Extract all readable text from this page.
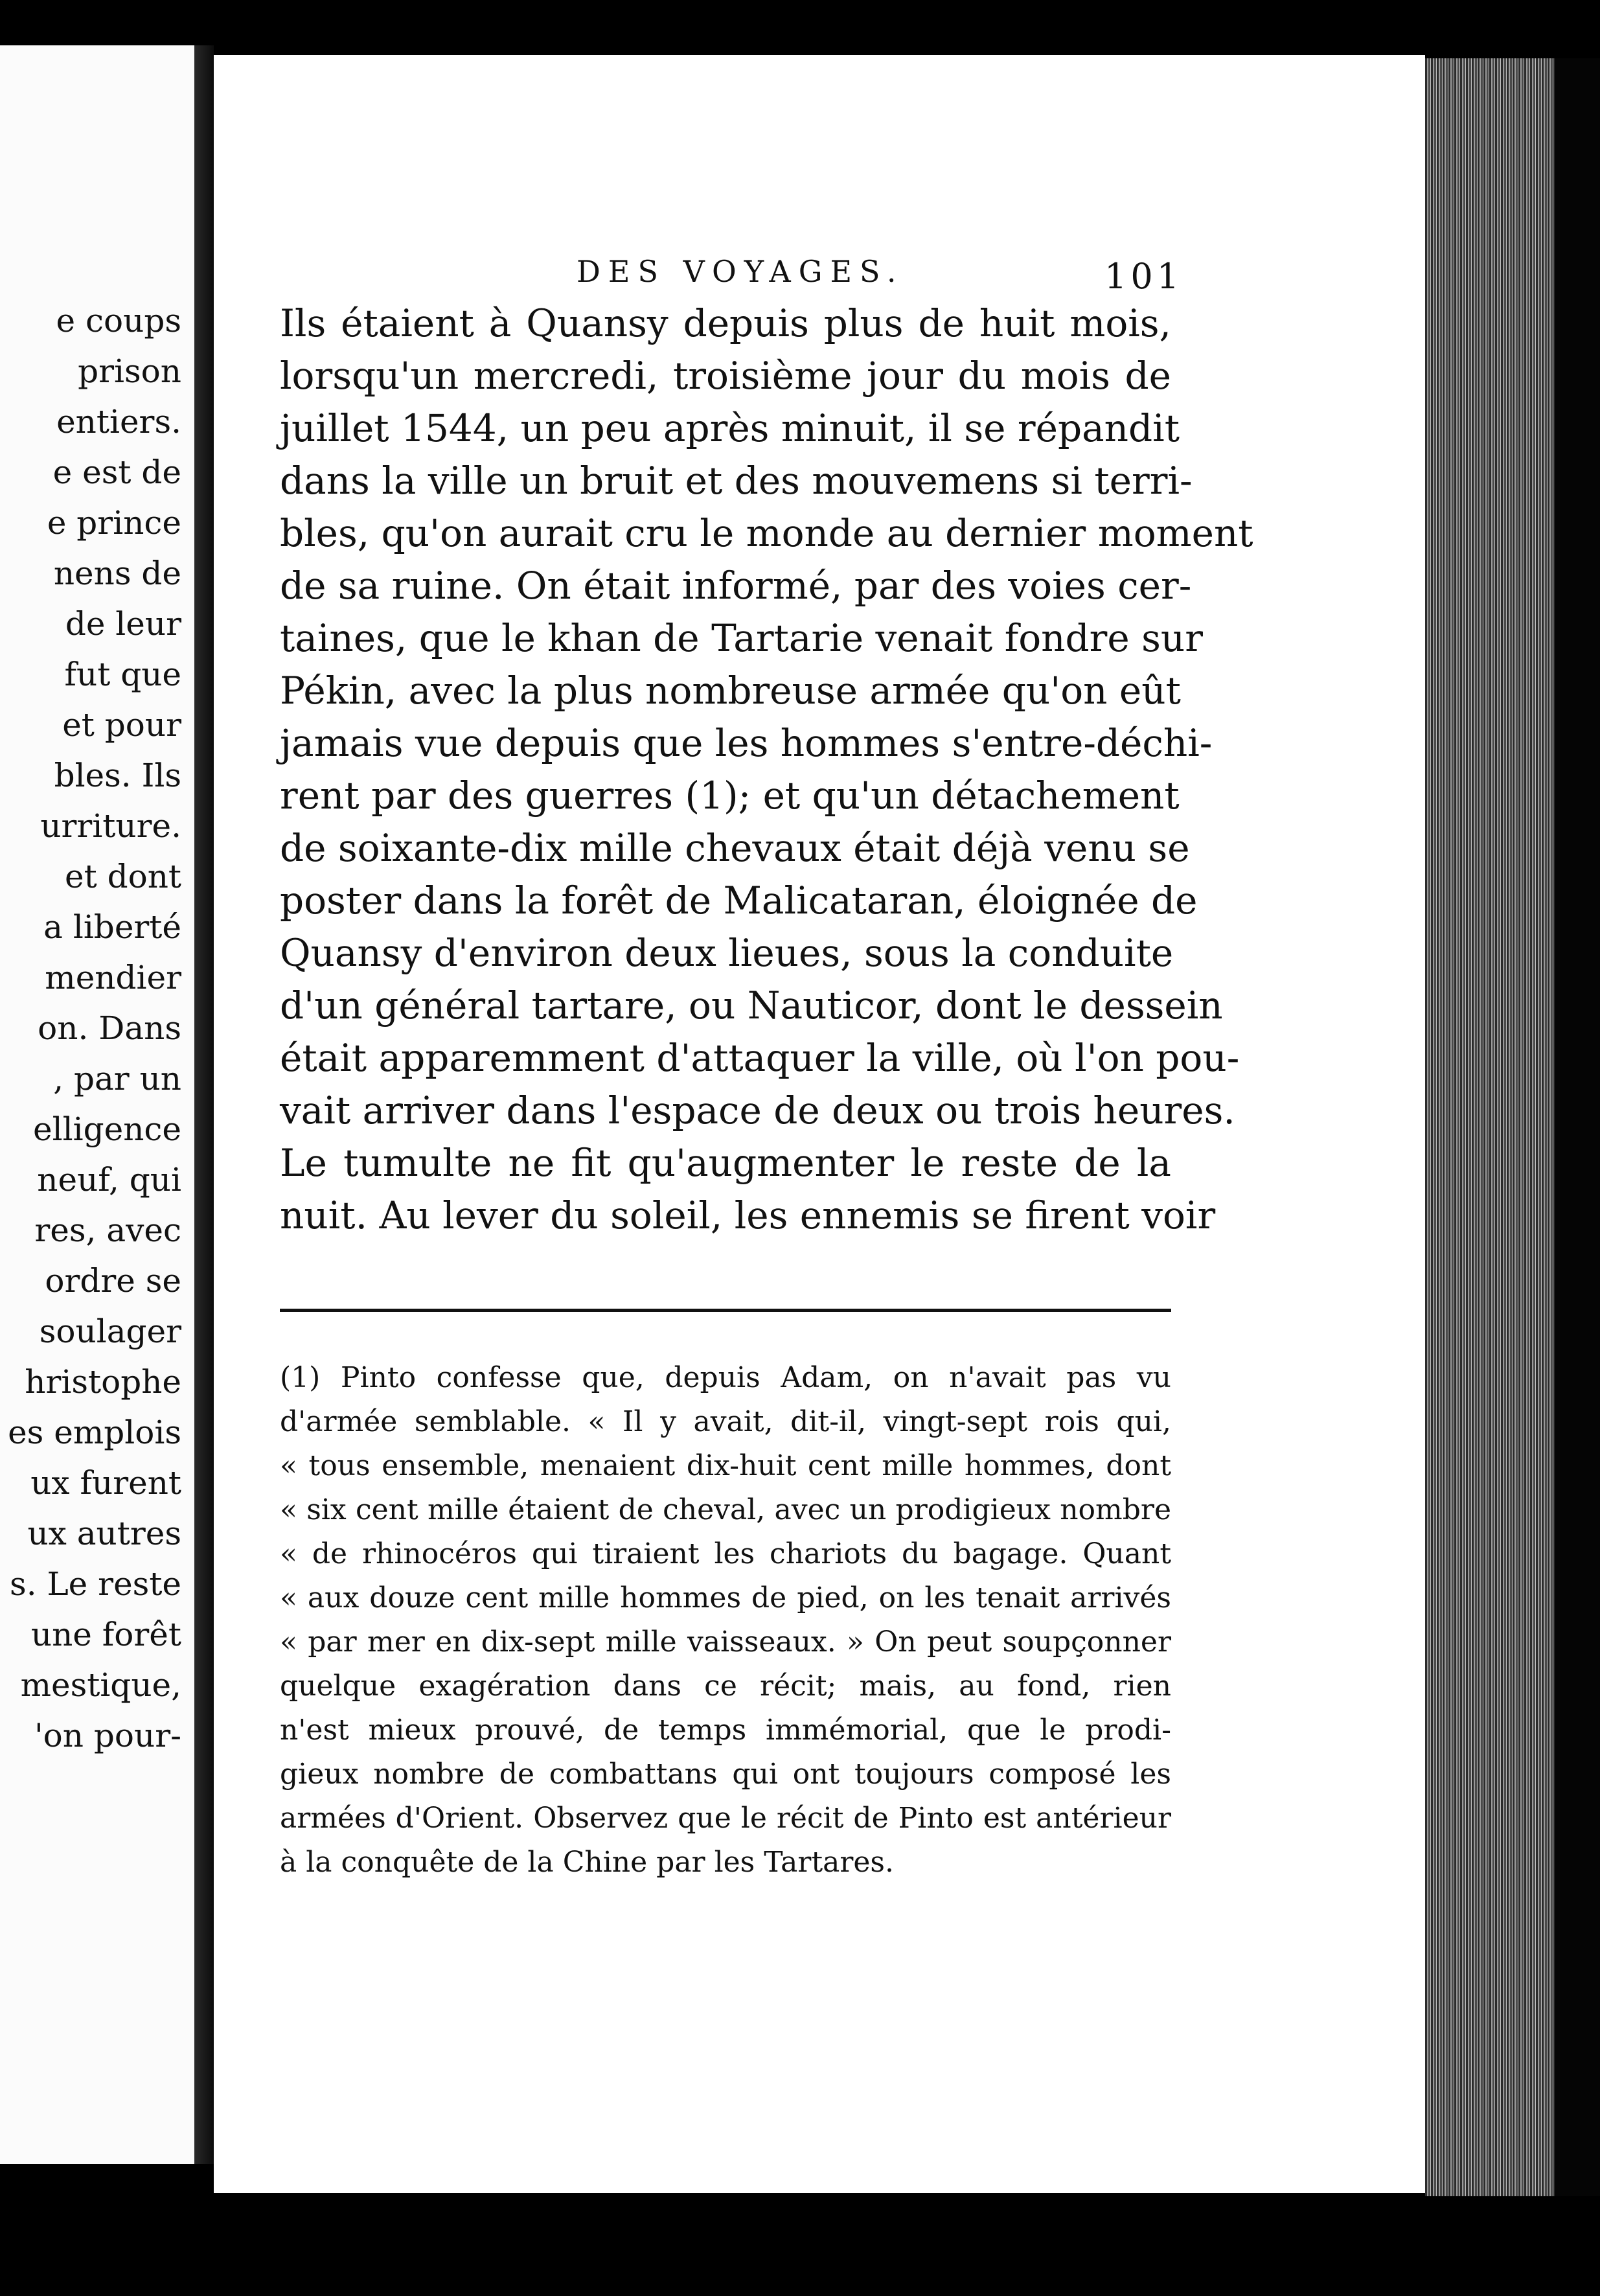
e coups
prison
entiers.
e est de
e prince
nens de
de leur
fut que
et pour
bles. Ils
urriture.
et dont
a liberté
mendier
on. Dans
, par un
elligence
neuf, qui
res, avec
ordre se
soulager
hristophe
es emplois
ux furent
ux autres
s. Le reste
une forêt
mestique,
'on pour-
DES VOYAGES.	101
Ils étaient à Quansy depuis plus de huit mois,
lorsqu'un mercredi, troisième jour du mois de
juillet 1544, un peu après minuit, il se répandit
dans la ville un bruit et des mouvemens si terri-
bles, qu'on aurait cru le monde au dernier moment
de sa ruine. On était informé, par des voies cer-
taines, que le khan de Tartarie venait fondre sur
Pékin, avec la plus nombreuse armée qu'on eût
jamais vue depuis que les hommes s'entre-déchi-
rent par des guerres (1); et qu'un détachement
de soixante-dix mille chevaux était déjà venu se
poster dans la forêt de Malicataran, éloignée de
Quansy d'environ deux lieues, sous la conduite
d'un général tartare, ou Nauticor, dont le dessein
était apparemment d'attaquer la ville, où l'on pou-
vait arriver dans l'espace de deux ou trois heures.
Le tumulte ne fit qu'augmenter le reste de la
nuit. Au lever du soleil, les ennemis se firent voir
(1) Pinto confesse que, depuis Adam, on n'avait pas vu
d'armée semblable. « Il y avait, dit-il, vingt-sept rois qui,
« tous ensemble, menaient dix-huit cent mille hommes, dont
« six cent mille étaient de cheval, avec un prodigieux nombre
« de rhinocéros qui tiraient les chariots du bagage. Quant
« aux douze cent mille hommes de pied, on les tenait arrivés
« par mer en dix-sept mille vaisseaux. » On peut soupçonner
quelque exagération dans ce récit; mais, au fond, rien
n'est mieux prouvé, de temps immémorial, que le prodi-
gieux nombre de combattans qui ont toujours composé les
armées d'Orient. Observez que le récit de Pinto est antérieur
à la conquête de la Chine par les Tartares.
